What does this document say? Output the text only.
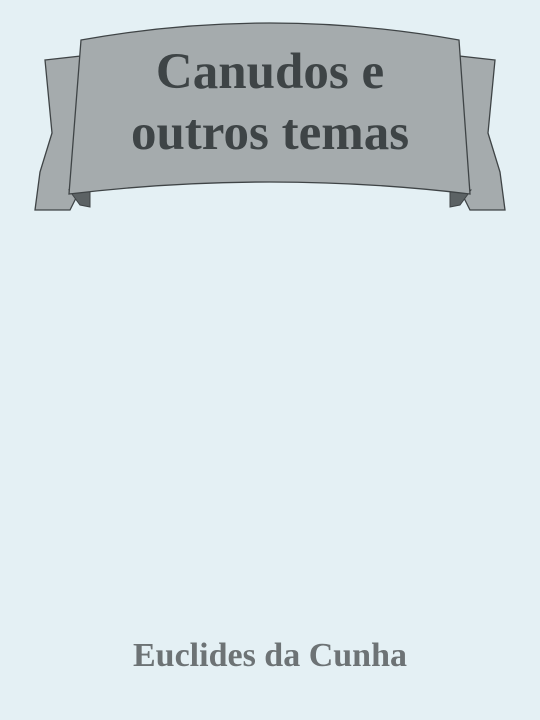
Canudos e
outros temas
Euclides da Cunha
